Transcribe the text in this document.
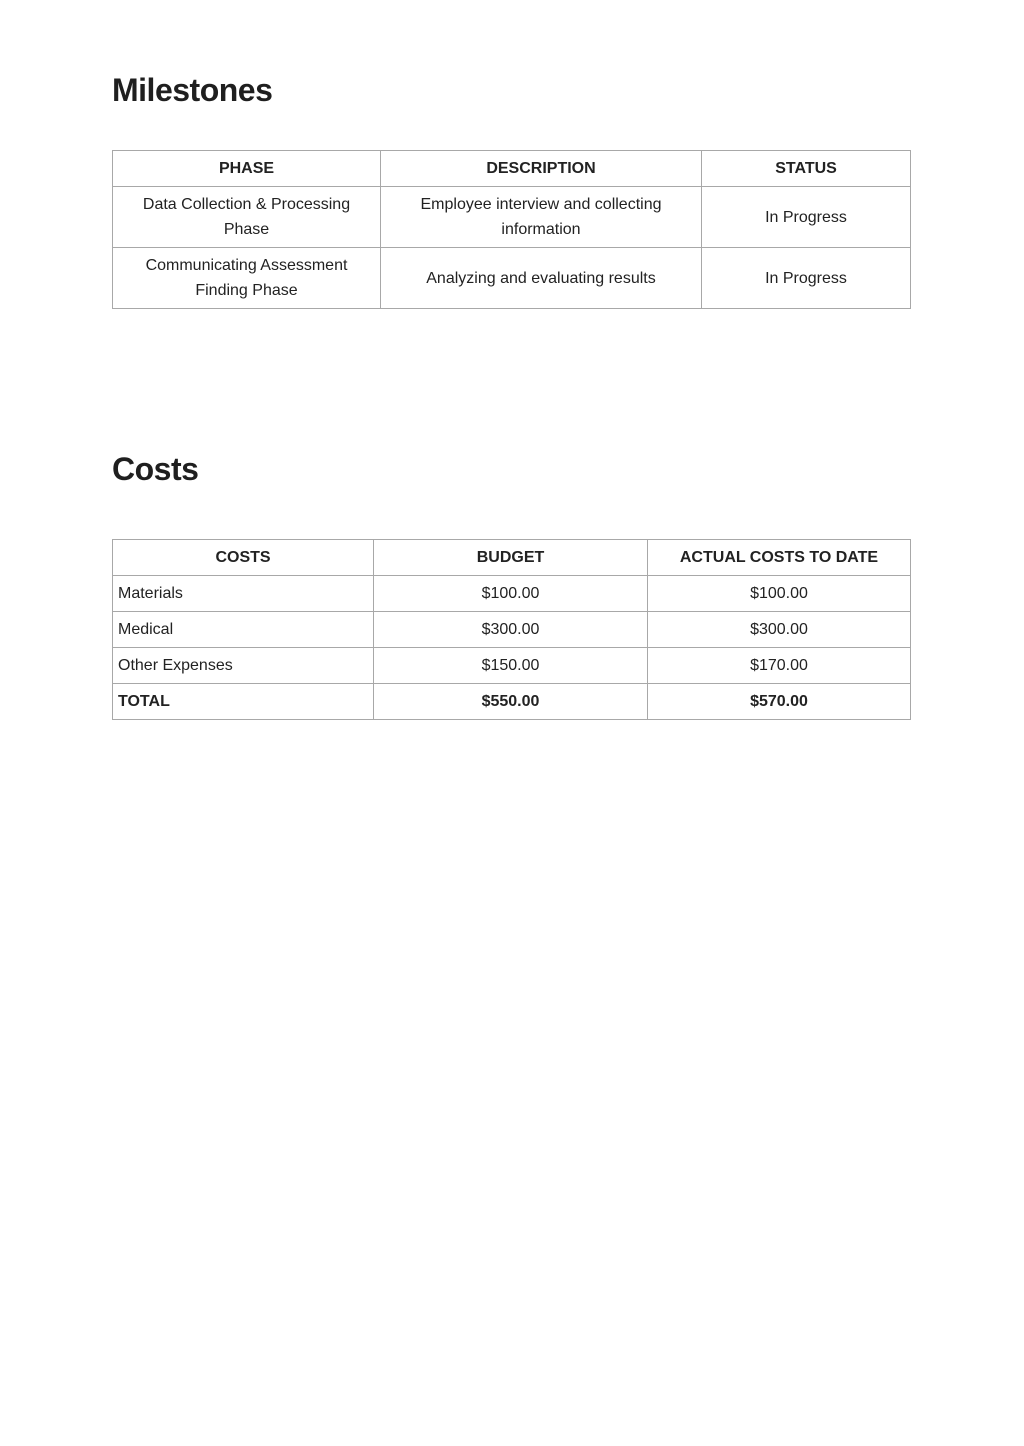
Milestones
PHASE	DESCRIPTION	STATUS
Data Collection & Processing Phase	Employee interview and collecting information	In Progress
Communicating Assessment Finding Phase	Analyzing and evaluating results	In Progress
Costs
COSTS	BUDGET	ACTUAL COSTS TO DATE
Materials	$100.00	$100.00
Medical	$300.00	$300.00
Other Expenses	$150.00	$170.00
TOTAL	$550.00	$570.00
